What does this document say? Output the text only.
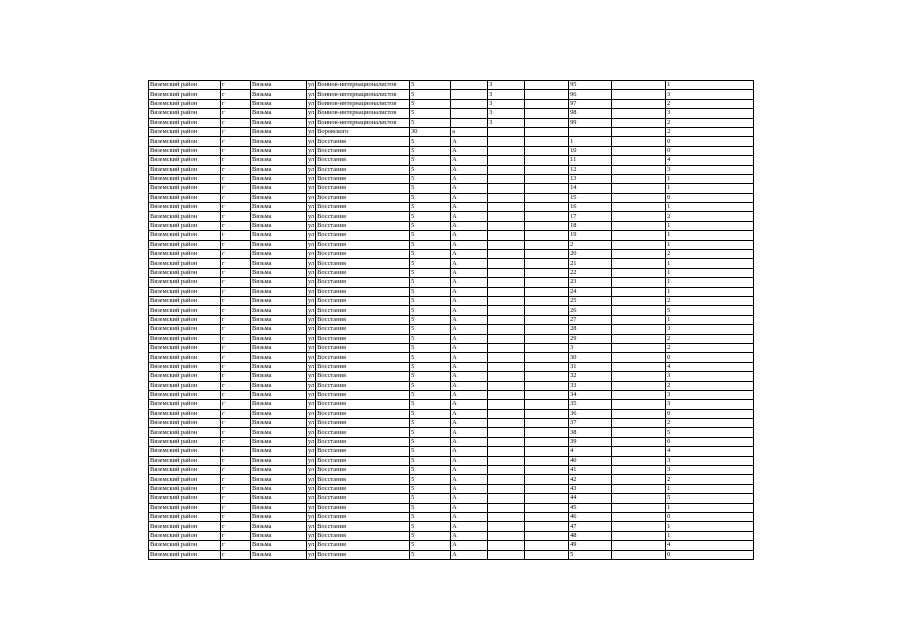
Вяземский район	г	Вязьма	ул	Воинов-интернационалистов	5		3		95		1
Вяземский район	г	Вязьма	ул	Воинов-интернационалистов	5		3		96		3
Вяземский район	г	Вязьма	ул	Воинов-интернационалистов	5		3		97		2
Вяземский район	г	Вязьма	ул	Воинов-интернационалистов	5		3		98		3
Вяземский район	г	Вязьма	ул	Воинов-интернационалистов	5		3		99		2
Вяземский район	г	Вязьма	ул	Воровского	30	а					2
Вяземский район	г	Вязьма	ул	Восстания	5	А			1		0
Вяземский район	г	Вязьма	ул	Восстания	5	А			10		0
Вяземский район	г	Вязьма	ул	Восстания	5	А			11		4
Вяземский район	г	Вязьма	ул	Восстания	5	А			12		3
Вяземский район	г	Вязьма	ул	Восстания	5	А			13		1
Вяземский район	г	Вязьма	ул	Восстания	5	А			14		1
Вяземский район	г	Вязьма	ул	Восстания	5	А			15		0
Вяземский район	г	Вязьма	ул	Восстания	5	А			16		1
Вяземский район	г	Вязьма	ул	Восстания	5	А			17		2
Вяземский район	г	Вязьма	ул	Восстания	5	А			18		1
Вяземский район	г	Вязьма	ул	Восстания	5	А			19		1
Вяземский район	г	Вязьма	ул	Восстания	5	А			2		1
Вяземский район	г	Вязьма	ул	Восстания	5	А			20		2
Вяземский район	г	Вязьма	ул	Восстания	5	А			21		1
Вяземский район	г	Вязьма	ул	Восстания	5	А			22		1
Вяземский район	г	Вязьма	ул	Восстания	5	А			23		1
Вяземский район	г	Вязьма	ул	Восстания	5	А			24		1
Вяземский район	г	Вязьма	ул	Восстания	5	А			25		2
Вяземский район	г	Вязьма	ул	Восстания	5	А			26		5
Вяземский район	г	Вязьма	ул	Восстания	5	А			27		1
Вяземский район	г	Вязьма	ул	Восстания	5	А			28		3
Вяземский район	г	Вязьма	ул	Восстания	5	А			29		2
Вяземский район	г	Вязьма	ул	Восстания	5	А			3		2
Вяземский район	г	Вязьма	ул	Восстания	5	А			30		0
Вяземский район	г	Вязьма	ул	Восстания	5	А			31		4
Вяземский район	г	Вязьма	ул	Восстания	5	А			32		3
Вяземский район	г	Вязьма	ул	Восстания	5	А			33		2
Вяземский район	г	Вязьма	ул	Восстания	5	А			34		3
Вяземский район	г	Вязьма	ул	Восстания	5	А			35		3
Вяземский район	г	Вязьма	ул	Восстания	5	А			36		0
Вяземский район	г	Вязьма	ул	Восстания	5	А			37		2
Вяземский район	г	Вязьма	ул	Восстания	5	А			38		5
Вяземский район	г	Вязьма	ул	Восстания	5	А			39		0
Вяземский район	г	Вязьма	ул	Восстания	5	А			4		4
Вяземский район	г	Вязьма	ул	Восстания	5	А			40		3
Вяземский район	г	Вязьма	ул	Восстания	5	А			41		3
Вяземский район	г	Вязьма	ул	Восстания	5	А			42		2
Вяземский район	г	Вязьма	ул	Восстания	5	А			43		1
Вяземский район	г	Вязьма	ул	Восстания	5	А			44		5
Вяземский район	г	Вязьма	ул	Восстания	5	А			45		1
Вяземский район	г	Вязьма	ул	Восстания	5	А			46		0
Вяземский район	г	Вязьма	ул	Восстания	5	А			47		1
Вяземский район	г	Вязьма	ул	Восстания	5	А			48		1
Вяземский район	г	Вязьма	ул	Восстания	5	А			49		4
Вяземский район	г	Вязьма	ул	Восстания	5	А			5		0
